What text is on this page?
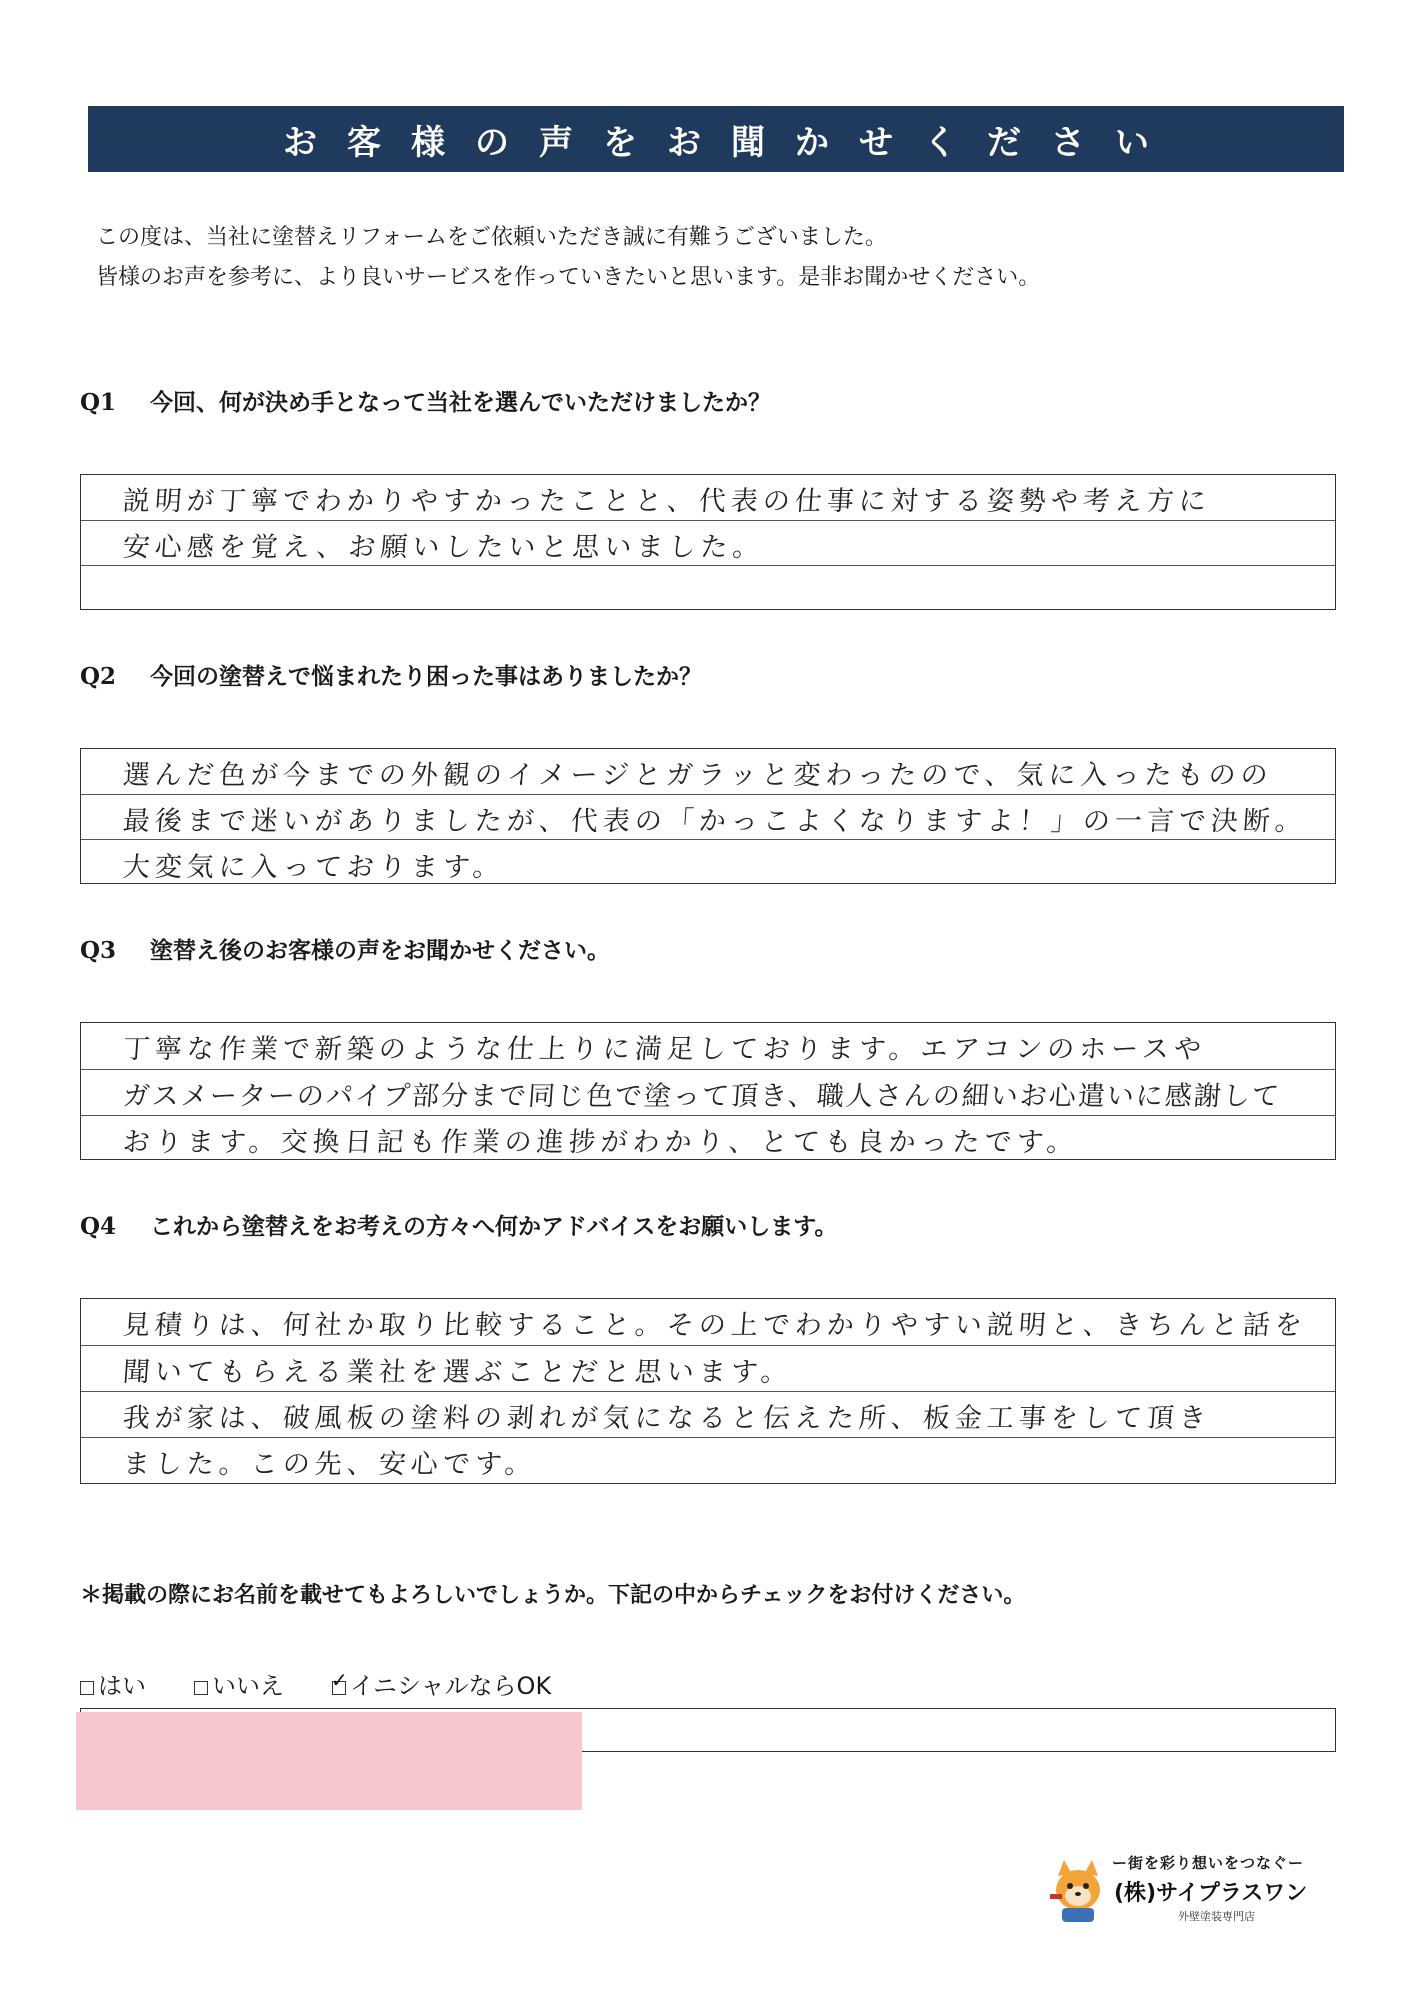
お客様の声をお聞かせください
この度は、当社に塗替えリフォームをご依頼いただき誠に有難うございました。
皆様のお声を参考に、より良いサービスを作っていきたいと思います。是非お聞かせください。
Q1 今回、何が決め手となって当社を選んでいただけましたか？
説明が丁寧でわかりやすかったことと、代表の仕事に対する姿勢や考え方に
安心感を覚え、お願いしたいと思いました。
Q2 今回の塗替えで悩まれたり困った事はありましたか？
選んだ色が今までの外観のイメージとガラッと変わったので、気に入ったものの
最後まで迷いがありましたが、代表の「かっこよくなりますよ！」の一言で決断。
大変気に入っております。
Q3 塗替え後のお客様の声をお聞かせください。
丁寧な作業で新築のような仕上りに満足しております。エアコンのホースや
ガスメーターのパイプ部分まで同じ色で塗って頂き、職人さんの細いお心遣いに感謝して
おります。交換日記も作業の進捗がわかり、とても良かったです。
Q4 これから塗替えをお考えの方々へ何かアドバイスをお願いします。
見積りは、何社か取り比較すること。その上でわかりやすい説明と、きちんと話を
聞いてもらえる業社を選ぶことだと思います。
我が家は、破風板の塗料の剥れが気になると伝えた所、板金工事をして頂き
ました。この先、安心です。
＊掲載の際にお名前を載せてもよろしいでしょうか。下記の中からチェックをお付けください。
はい	いいえ
✓	イニシャルならOK
ー街を彩り想いをつなぐー
(株)サイプラスワン
外壁塗装専門店
